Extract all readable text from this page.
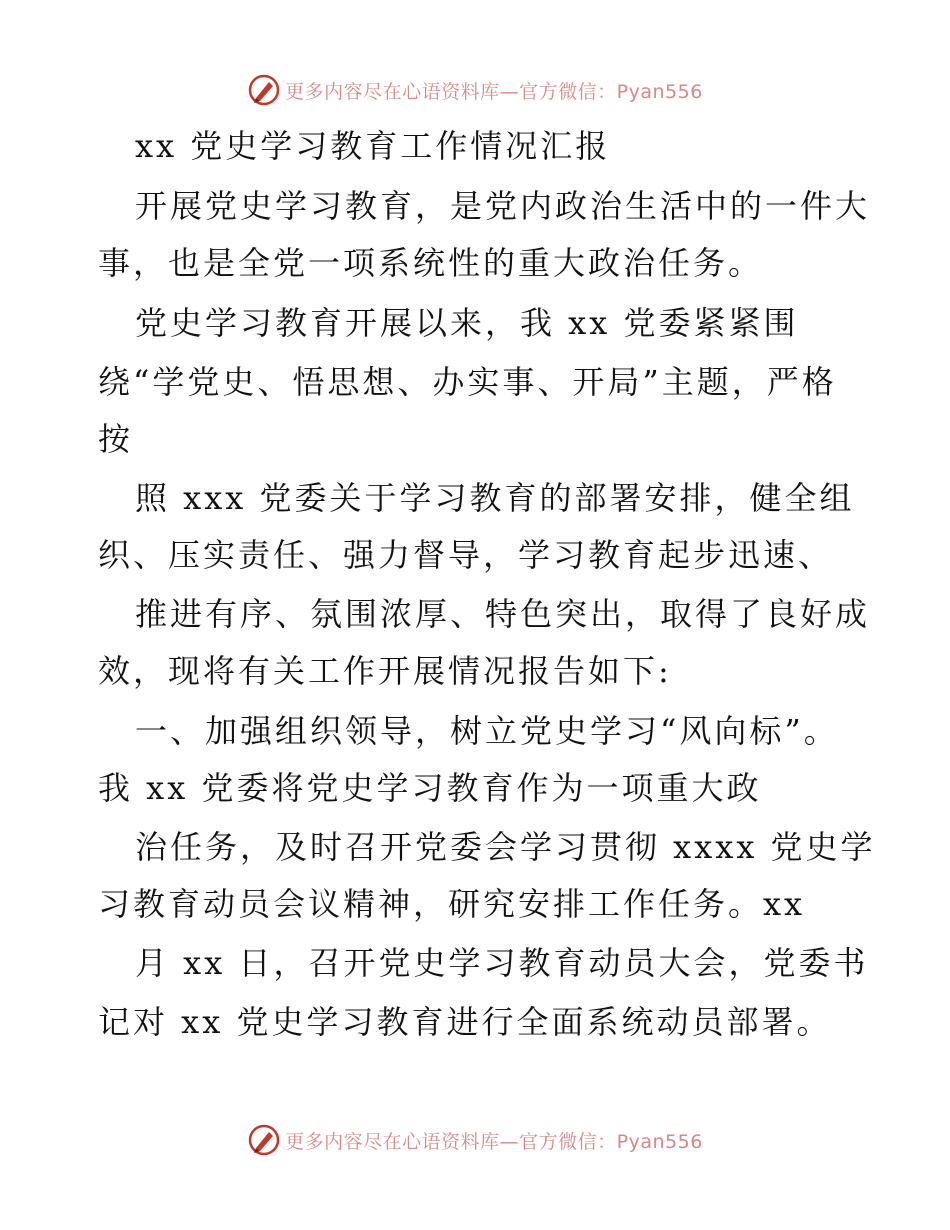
更多内容尽在心语资料库—官方微信：Pyan556
xx 党史学习教育工作情况汇报
开展党史学习教育，是党内政治生活中的一件大
事，也是全党一项系统性的重大政治任务。
党史学习教育开展以来，我 xx 党委紧紧围
绕“学党史、悟思想、办实事、开局”主题，严格
按
照 xxx 党委关于学习教育的部署安排，健全组
织、压实责任、强力督导，学习教育起步迅速、
推进有序、氛围浓厚、特色突出，取得了良好成
效，现将有关工作开展情况报告如下:
一、加强组织领导，树立党史学习“风向标”。
我 xx 党委将党史学习教育作为一项重大政
治任务，及时召开党委会学习贯彻 xxxx 党史学
习教育动员会议精神，研究安排工作任务。xx
月 xx 日，召开党史学习教育动员大会，党委书
记对 xx 党史学习教育进行全面系统动员部署。
更多内容尽在心语资料库—官方微信：Pyan556
